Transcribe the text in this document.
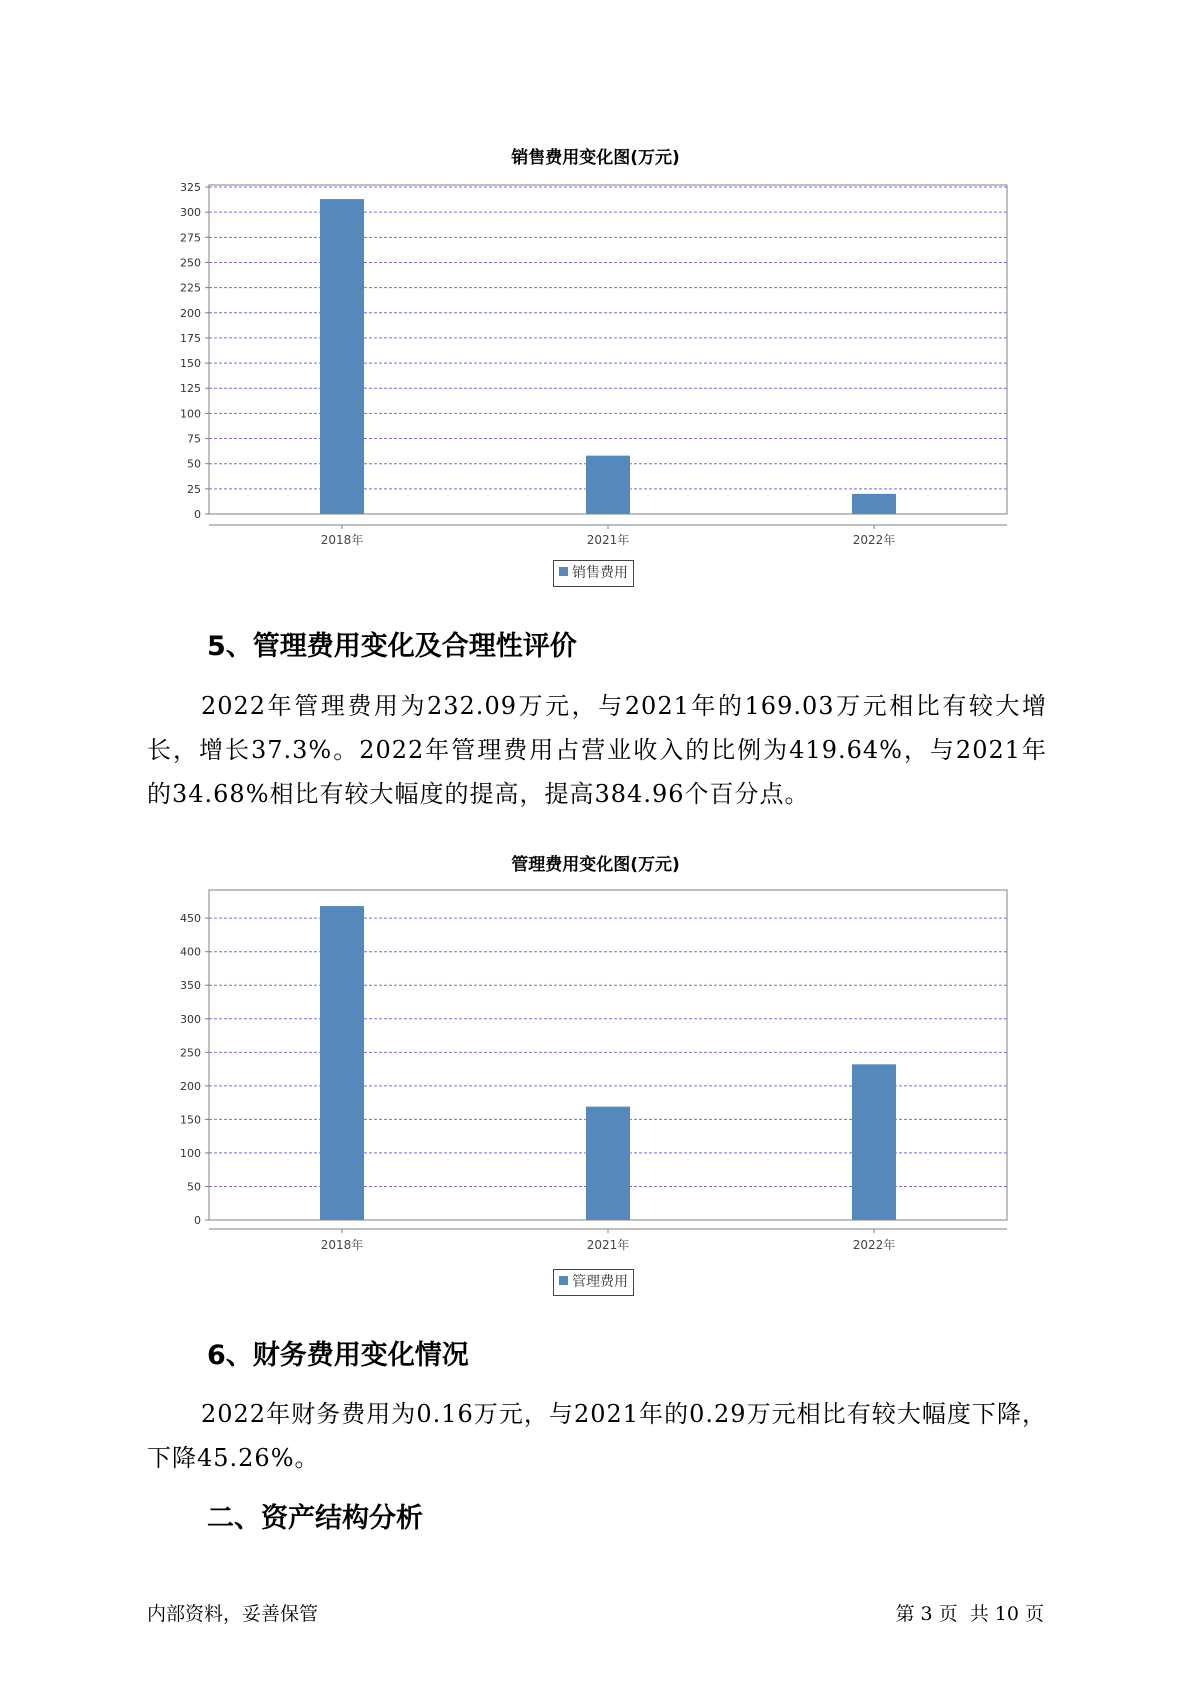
销售费用变化图(万元)
0
25
50
75
100
125
150
175
200
225
250
275
300
325
2018年	2021年	2022年
销售费用
5、管理费用变化及合理性评价
2022年管理费用为232.09万元，与2021年的169.03万元相比有较大增长，增长37.3%。2022年管理费用占营业收入的比例为419.64%，与2021年的34.68%相比有较大幅度的提高，提高384.96个百分点。
管理费用变化图(万元)
0
50
100
150
200
250
300
350
400
450
2018年	2021年	2022年
管理费用
6、财务费用变化情况
2022年财务费用为0.16万元，与2021年的0.29万元相比有较大幅度下降，下降45.26%。
二、资产结构分析
内部资料，妥善保管	第 3 页  共 10 页
